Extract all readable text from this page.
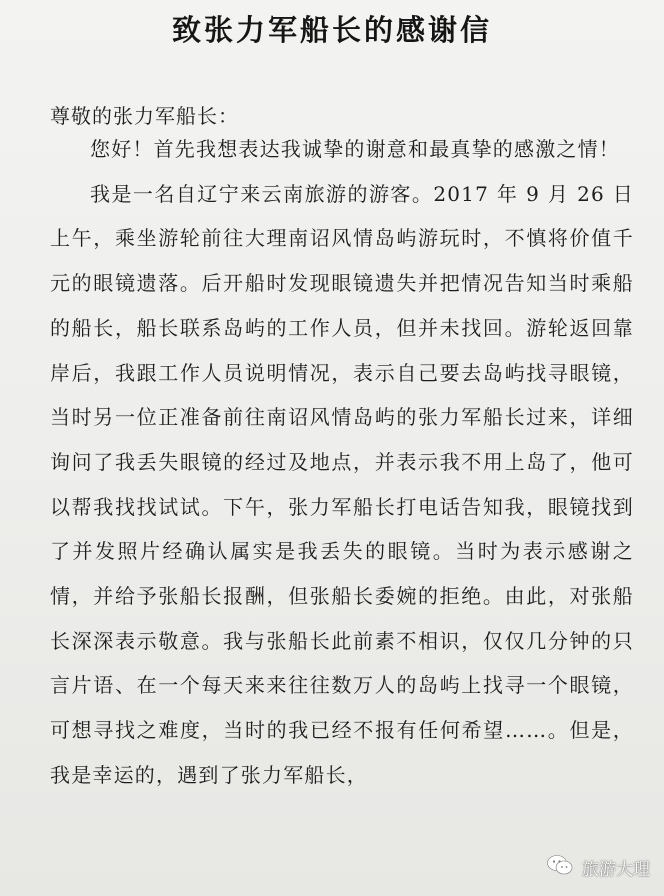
致张力军船长的感谢信
尊敬的张力军船长：

您好！首先我想表达我诚挚的谢意和最真挚的感激之情！

我是一名自辽宁来云南旅游的游客。2017 年 9 月 26 日上午，乘坐游轮前往大理南诏风情岛屿游玩时，不慎将价值千元的眼镜遗落。后开船时发现眼镜遗失并把情况告知当时乘船的船长，船长联系岛屿的工作人员，但并未找回。游轮返回靠岸后，我跟工作人员说明情况，表示自己要去岛屿找寻眼镜，当时另一位正准备前往南诏风情岛屿的张力军船长过来，详细询问了我丢失眼镜的经过及地点，并表示我不用上岛了，他可以帮我找找试试。下午，张力军船长打电话告知我，眼镜找到了并发照片经确认属实是我丢失的眼镜。当时为表示感谢之情，并给予张船长报酬，但张船长委婉的拒绝。由此，对张船长深深表示敬意。我与张船长此前素不相识，仅仅几分钟的只言片语、在一个每天来来往往数万人的岛屿上找寻一个眼镜，可想寻找之难度，当时的我已经不报有任何希望……。但是，我是幸运的，遇到了张力军船长，

旅游大理
